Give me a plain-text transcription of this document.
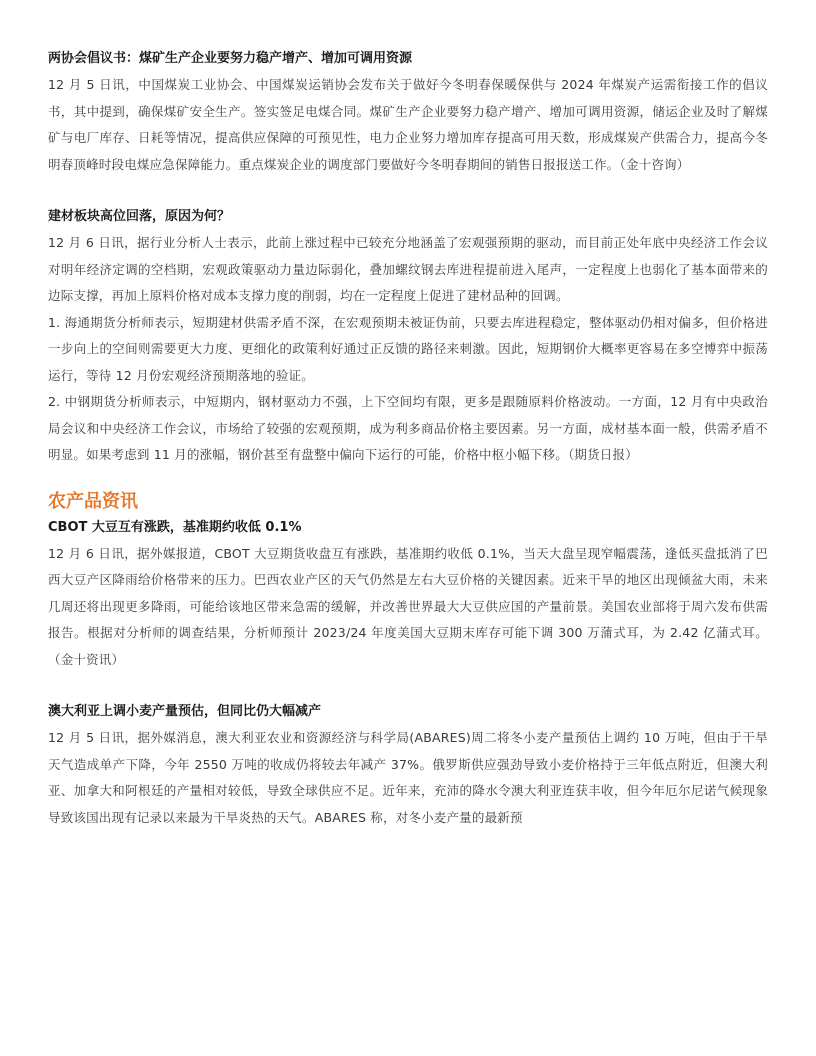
两协会倡议书：煤矿生产企业要努力稳产增产、增加可调用资源

12 月 5 日讯，中国煤炭工业协会、中国煤炭运销协会发布关于做好今冬明春保暖保供与 2024 年煤炭产运需衔接工作的倡议书，其中提到，确保煤矿安全生产。签实签足电煤合同。煤矿生产企业要努力稳产增产、增加可调用资源，储运企业及时了解煤矿与电厂库存、日耗等情况，提高供应保障的可预见性，电力企业努力增加库存提高可用天数，形成煤炭产供需合力，提高今冬明春顶峰时段电煤应急保障能力。重点煤炭企业的调度部门要做好今冬明春期间的销售日报报送工作。（金十咨询）

建材板块高位回落，原因为何？

12 月 6 日讯，据行业分析人士表示，此前上涨过程中已较充分地涵盖了宏观强预期的驱动，而目前正处年底中央经济工作会议对明年经济定调的空档期，宏观政策驱动力量边际弱化，叠加螺纹钢去库进程提前进入尾声，一定程度上也弱化了基本面带来的边际支撑，再加上原料价格对成本支撑力度的削弱，均在一定程度上促进了建材品种的回调。

1. 海通期货分析师表示，短期建材供需矛盾不深，在宏观预期未被证伪前，只要去库进程稳定，整体驱动仍相对偏多，但价格进一步向上的空间则需要更大力度、更细化的政策利好通过正反馈的路径来刺激。因此，短期钢价大概率更容易在多空博弈中振荡运行，等待 12 月份宏观经济预期落地的验证。

2. 中钢期货分析师表示，中短期内，钢材驱动力不强，上下空间均有限，更多是跟随原料价格波动。一方面，12 月有中央政治局会议和中央经济工作会议，市场给了较强的宏观预期，成为利多商品价格主要因素。另一方面，成材基本面一般，供需矛盾不明显。如果考虑到 11 月的涨幅，钢价甚至有盘整中偏向下运行的可能，价格中枢小幅下移。（期货日报）

农产品资讯
CBOT 大豆互有涨跌，基准期约收低 0.1%

12 月 6 日讯，据外媒报道，CBOT 大豆期货收盘互有涨跌，基准期约收低 0.1%，当天大盘呈现窄幅震荡，逢低买盘抵消了巴西大豆产区降雨给价格带来的压力。巴西农业产区的天气仍然是左右大豆价格的关键因素。近来干旱的地区出现倾盆大雨，未来几周还将出现更多降雨，可能给该地区带来急需的缓解，并改善世界最大大豆供应国的产量前景。美国农业部将于周六发布供需报告。根据对分析师的调查结果，分析师预计 2023/24 年度美国大豆期末库存可能下调 300 万蒲式耳，为 2.42 亿蒲式耳。（金十资讯）

澳大利亚上调小麦产量预估，但同比仍大幅减产

12 月 5 日讯，据外媒消息，澳大利亚农业和资源经济与科学局(ABARES)周二将冬小麦产量预估上调约 10 万吨，但由于干旱天气造成单产下降，今年 2550 万吨的收成仍将较去年减产 37%。俄罗斯供应强劲导致小麦价格持于三年低点附近，但澳大利亚、加拿大和阿根廷的产量相对较低，导致全球供应不足。近年来，充沛的降水令澳大利亚连获丰收，但今年厄尔尼诺气候现象导致该国出现有记录以来最为干旱炎热的天气。ABARES 称，对冬小麦产量的最新预
